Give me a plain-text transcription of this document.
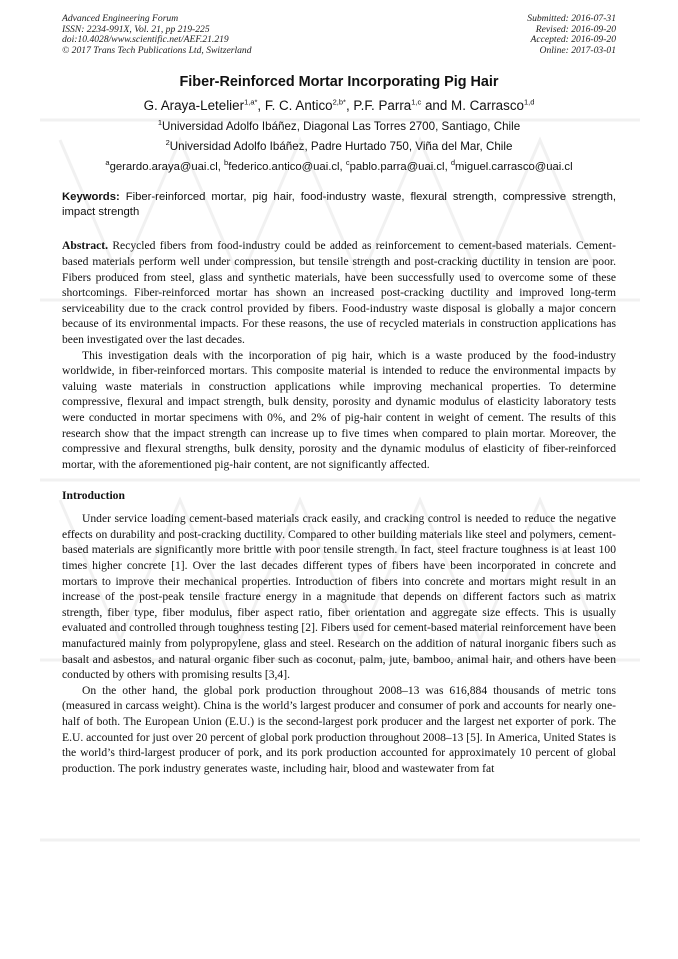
Advanced Engineering Forum
ISSN: 2234-991X, Vol. 21, pp 219-225
doi:10.4028/www.scientific.net/AEF.21.219
© 2017 Trans Tech Publications Ltd, Switzerland
Submitted: 2016-07-31
Revised: 2016-09-20
Accepted: 2016-09-20
Online: 2017-03-01
Fiber-Reinforced Mortar Incorporating Pig Hair
G. Araya-Letelier$^{1,a*}$, F. C. Antico$^{2,b*}$, P.F. Parra$^{1,c}$ and M. Carrasco$^{1,d}$
$^1$Universidad Adolfo Ibáñez, Diagonal Las Torres 2700, Santiago, Chile
$^2$Universidad Adolfo Ibáñez, Padre Hurtado 750, Viña del Mar, Chile
$^a$gerardo.araya@uai.cl, $^b$federico.antico@uai.cl, $^c$pablo.parra@uai.cl, $^d$miguel.carrasco@uai.cl
Keywords: Fiber-reinforced mortar, pig hair, food-industry waste, flexural strength, compressive strength, impact strength

Abstract. Recycled fibers from food-industry could be added as reinforcement to cement-based materials. Cement-based materials perform well under compression, but tensile strength and post-cracking ductility in tension are poor. Fibers produced from steel, glass and synthetic materials, have been successfully used to overcome some of these shortcomings. Fiber-reinforced mortar has shown an increased post-cracking ductility and improved long-term serviceability due to the crack control provided by fibers. Food-industry waste disposal is globally a major concern because of its environmental impacts. For these reasons, the use of recycled materials in construction applications has been investigated over the last decades.

This investigation deals with the incorporation of pig hair, which is a waste produced by the food-industry worldwide, in fiber-reinforced mortars. This composite material is intended to reduce the environmental impacts by valuing waste materials in construction applications while improving mechanical properties. To determine compressive, flexural and impact strength, bulk density, porosity and dynamic modulus of elasticity laboratory tests were conducted in mortar specimens with 0%, and 2% of pig-hair content in weight of cement. The results of this research show that the impact strength can increase up to five times when compared to plain mortar. Moreover, the compressive and flexural strengths, bulk density, porosity and the dynamic modulus of elasticity of fiber-reinforced mortar, with the aforementioned pig-hair content, are not significantly affected.

Introduction

Under service loading cement-based materials crack easily, and cracking control is needed to reduce the negative effects on durability and post-cracking ductility. Compared to other building materials like steel and polymers, cement-based materials are significantly more brittle with poor tensile strength. In fact, steel fracture toughness is at least 100 times higher concrete [1]. Over the last decades different types of fibers have been incorporated in concrete and mortars to improve their mechanical properties. Introduction of fibers into concrete and mortars might result in an increase of the post-peak tensile fracture energy in a magnitude that depends on different factors such as matrix strength, fiber type, fiber modulus, fiber aspect ratio, fiber orientation and aggregate size effects. This is usually evaluated and controlled through toughness testing [2]. Fibers used for cement-based material reinforcement have been manufactured mainly from polypropylene, glass and steel. Research on the addition of natural inorganic fibers such as basalt and asbestos, and natural organic fiber such as coconut, palm, jute, bamboo, animal hair, and others have been conducted by others with promising results [3,4].

On the other hand, the global pork production throughout 2008–13 was 616,884 thousands of metric tons (measured in carcass weight). China is the world’s largest producer and consumer of pork and accounts for nearly one-half of both. The European Union (E.U.) is the second-largest pork producer and the largest net exporter of pork. The E.U. accounted for just over 20 percent of global pork production throughout 2008–13 [5]. In America, United States is the world’s third-largest producer of pork, and its pork production accounted for approximately 10 percent of global production. The pork industry generates waste, including hair, blood and wastewater from fat
